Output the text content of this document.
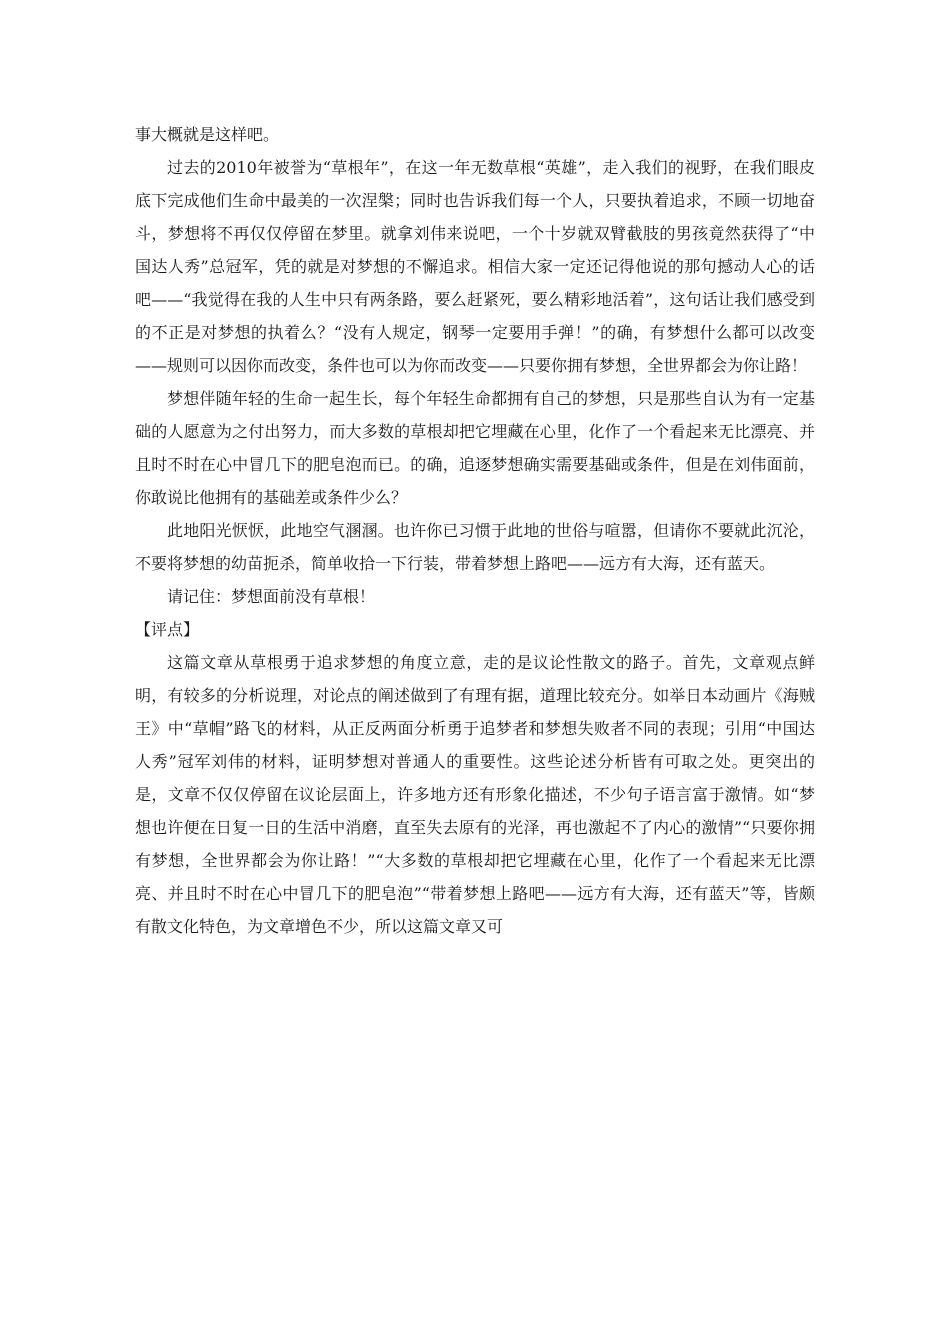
事大概就是这样吧。

过去的2010年被誉为“草根年”，在这一年无数草根“英雄”，走入我们的视野，在我们眼皮底下完成他们生命中最美的一次涅槃；同时也告诉我们每一个人，只要执着追求，不顾一切地奋斗，梦想将不再仅仅停留在梦里。就拿刘伟来说吧，一个十岁就双臂截肢的男孩竟然获得了“中国达人秀”总冠军，凭的就是对梦想的不懈追求。相信大家一定还记得他说的那句撼动人心的话吧——“我觉得在我的人生中只有两条路，要么赶紧死，要么精彩地活着”，这句话让我们感受到的不正是对梦想的执着么？“没有人规定，钢琴一定要用手弹！”的确，有梦想什么都可以改变——规则可以因你而改变，条件也可以为你而改变——只要你拥有梦想，全世界都会为你让路！

梦想伴随年轻的生命一起生长，每个年轻生命都拥有自己的梦想，只是那些自认为有一定基础的人愿意为之付出努力，而大多数的草根却把它埋藏在心里，化作了一个看起来无比漂亮、并且时不时在心中冒几下的肥皂泡而已。的确，追逐梦想确实需要基础或条件，但是在刘伟面前，你敢说比他拥有的基础差或条件少么？

此地阳光恹恹，此地空气溷溷。也许你已习惯于此地的世俗与喧嚣，但请你不要就此沉沦，不要将梦想的幼苗扼杀，简单收拾一下行装，带着梦想上路吧——远方有大海，还有蓝天。

请记住：梦想面前没有草根！

【评点】

这篇文章从草根勇于追求梦想的角度立意，走的是议论性散文的路子。首先，文章观点鲜明，有较多的分析说理，对论点的阐述做到了有理有据，道理比较充分。如举日本动画片《海贼王》中“草帽”路飞的材料，从正反两面分析勇于追梦者和梦想失败者不同的表现；引用“中国达人秀”冠军刘伟的材料，证明梦想对普通人的重要性。这些论述分析皆有可取之处。更突出的是，文章不仅仅停留在议论层面上，许多地方还有形象化描述，不少句子语言富于激情。如“梦想也许便在日复一日的生活中消磨，直至失去原有的光泽，再也激起不了内心的激情”“只要你拥有梦想，全世界都会为你让路！”“大多数的草根却把它埋藏在心里，化作了一个看起来无比漂亮、并且时不时在心中冒几下的肥皂泡”“带着梦想上路吧——远方有大海，还有蓝天”等，皆颇有散文化特色，为文章增色不少，所以这篇文章又可
